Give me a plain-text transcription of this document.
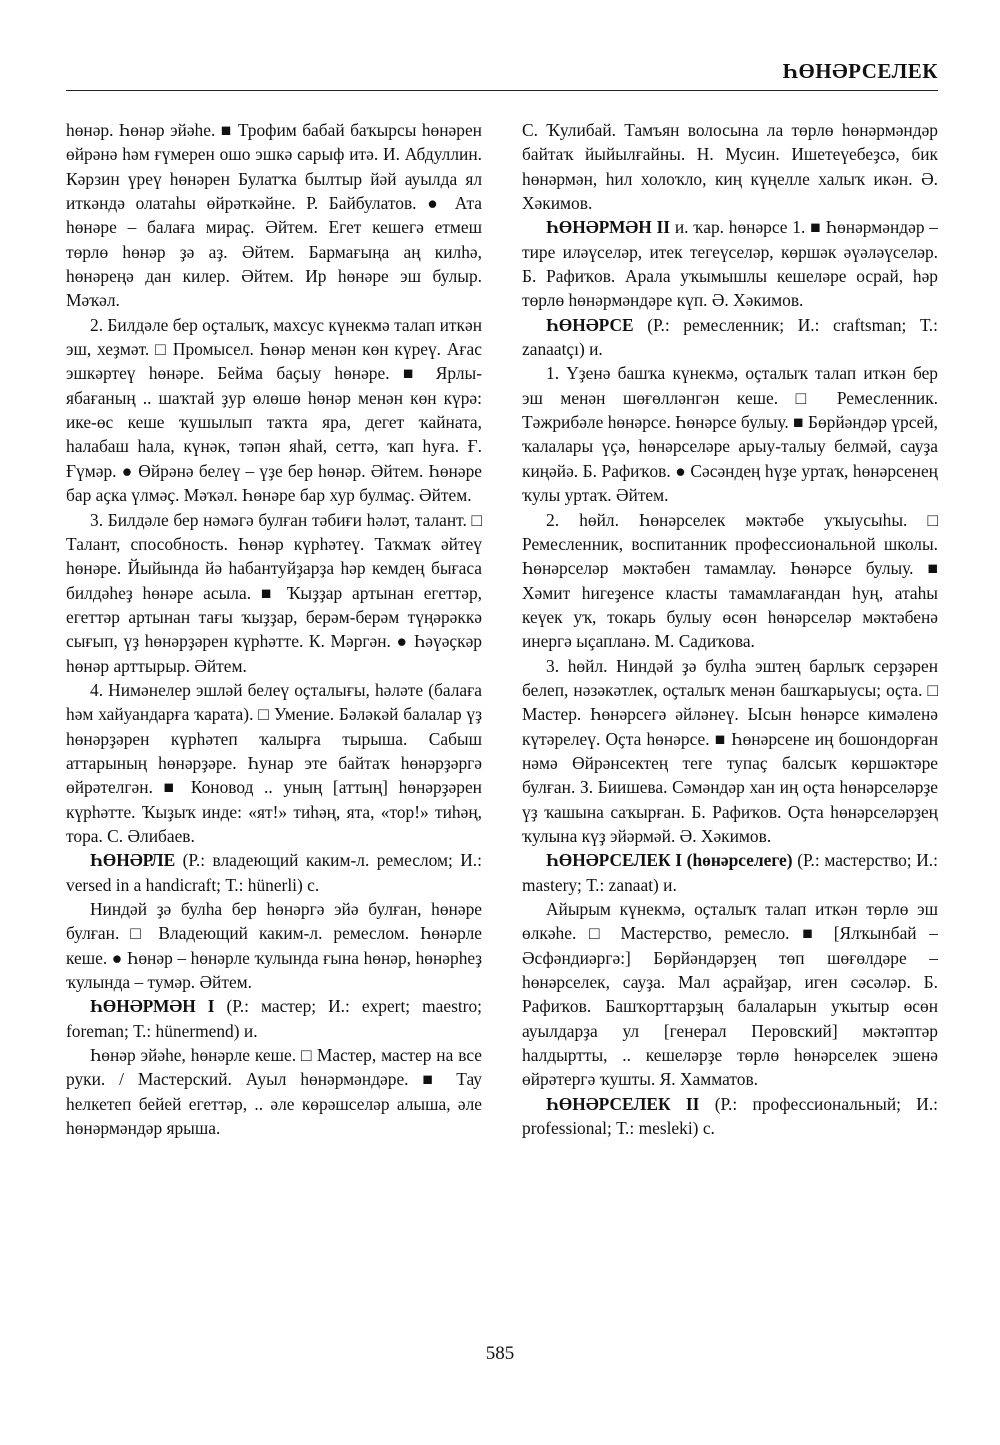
ҺӨНӘРСЕЛЕК

һөнәр. Һөнәр эйәһе. ■ Трофим бабай баҡырсы һөнәрен өйрәнә һәм ғүмерен ошо эшкә сарыф итә. И. Абдуллин. Кәрзин үреү һөнәрен Булатҡа былтыр йәй ауылда ял иткәндә олатаһы өйрәткәйне. Р. Байбулатов. ● Ата һөнәре – балаға мираҫ. Әйтем. Егет кешегә етмеш төрлө һөнәр ҙә аҙ. Әйтем. Бармағыңа аң килһә, һөнәреңә дан килер. Әйтем. Ир һөнәре эш булыр. Мәҡәл.

2. Билдәле бер оҫталыҡ, махсус күнекмә талап иткән эш, хеҙмәт. □ Промысел. Һөнәр менән көн күреү. Ағас эшкәртеү һөнәре. Бейма баҫыу һөнәре. ■ Ярлы-ябағаның .. шаҡтай ҙур өлөшө һөнәр менән көн күрә: ике-өс кеше ҡушылып таҡта яра, дегет ҡайната, һалабаш һала, күнәк, тәпән яһай, сеттә, ҡап һуға. Ғ. Ғүмәр. ● Өйрәнә белеү – үҙе бер һөнәр. Әйтем. Һөнәре бар аҫка үлмәҫ. Мәҡәл. Һөнәре бар хур булмаҫ. Әйтем.

3. Билдәле бер нәмәгә булған тәбиғи һәләт, талант. □ Талант, способность. Һөнәр күрһәтеү. Таҡмаҡ әйтеү һөнәре. Йыйында йә һабантуйҙарҙа һәр кемдең бығаса билдәһеҙ һөнәре асыла. ■ Ҡыҙҙар артынан егеттәр, егеттәр артынан тағы ҡыҙҙар, берәм-берәм түңәрәккә сығып, үҙ һөнәрҙәрен күрһәтте. К. Мәргән. ● Һәүәҫкәр һөнәр арттырыр. Әйтем.

4. Нимәнелер эшләй белеү оҫталығы, һәләте (балаға һәм хайуандарға ҡарата). □ Умение. Бәләкәй балалар үҙ һөнәрҙәрен күрһәтеп ҡалырға тырыша. Сабыш аттарының һөнәрҙәре. Һунар эте байтаҡ һөнәрҙәргә өйрәтелгән. ■ Коновод .. уның [аттың] һөнәрҙәрен күрһәтте. Ҡыҙыҡ инде: «ят!» тиһәң, ята, «тор!» тиһәң, тора. С. Әлибаев.

ҺӨНӘРЛЕ (Р.: владеющий каким-л. ремеслом; И.: versed in a handicraft; Т.: hünerli) с.

Ниндәй ҙә булһа бер һөнәргә эйә булған, һөнәре булған. □ Владеющий каким-л. ремеслом. Һөнәрле кеше. ● Һөнәр – һөнәрле ҡулында ғына һөнәр, һөнәрһеҙ ҡулында – тумәр. Әйтем.

ҺӨНӘРМӘН I (Р.: мастер; И.: expert; maestro; foreman; Т.: hünermend) и.

Һөнәр эйәһе, һөнәрле кеше. □ Мастер, мастер на все руки. / Мастерский. Ауыл һөнәрмәндәре. ■ Тау һелкетеп бейей егеттәр, .. әле көрәшселәр алыша, әле һөнәрмәндәр ярыша.

С. Ҡулибай. Тамъян волосына ла төрлө һөнәрмәндәр байтаҡ йыйылғайны. Н. Мусин. Ишетеүебеҙсә, бик һөнәрмән, һил холоҡло, киң күңелле халыҡ икән. Ә. Хәкимов.

ҺӨНӘРМӘН II и. ҡар. һөнәрсе 1. ■ Һөнәрмәндәр – тире иләүселәр, итек тегеүселәр, көршәк әүәләүселәр. Б. Рафиҡов. Арала уҡымышлы кешеләре осрай, һәр төрлө һөнәрмәндәре күп. Ә. Хәкимов.

ҺӨНӘРСЕ (Р.: ремесленник; И.: craftsman; Т.: zanaatçı) и.

1. Үҙенә башҡа күнекмә, оҫталыҡ талап иткән бер эш менән шөғөлләнгән кеше. □ Ремесленник. Тәжрибәле һөнәрсе. Һөнәрсе булыу. ■ Бөрйәндәр үрсей, ҡалалары үҫә, һөнәрселәре арыу-талыу белмәй, сауҙа киңәйә. Б. Рафиҡов. ● Сәсәндең һүҙе уртаҡ, һөнәрсенең ҡулы уртаҡ. Әйтем.

2. һөйл. Һөнәрселек мәктәбе уҡыусыһы. □ Ремесленник, воспитанник профессиональной школы. Һөнәрселәр мәктәбен тамамлау. Һөнәрсе булыу. ■ Хәмит һигеҙенсе класты тамамлағандан һуң, атаһы кеүек уҡ, токарь булыу өсөн һөнәрселәр мәктәбенә инергә ыҫапланә. М. Садиҡова.

3. һөйл. Ниндәй ҙә булһа эштең барлыҡ серҙәрен белеп, нәзәкәтлек, оҫталыҡ менән башҡарыусы; оҫта. □ Мастер. Һөнәрсегә әйләнеү. Ысын һөнәрсе кимәленә күтәрелеү. Оҫта һөнәрсе. ■ Һөнәрсене иң бошондорған нәмә Өйрәнсектең теге тупаҫ балсыҡ көршәктәре булған. З. Биишева. Сәмәндәр хан иң оҫта һөнәрселәрҙе үҙ ҡашына саҡырған. Б. Рафиҡов. Оҫта һөнәрселәрҙең ҡулына күҙ эйәрмәй. Ә. Хәкимов.

ҺӨНӘРСЕЛЕК I (һөнәрселеге) (Р.: мастерство; И.: mastery; Т.: zanaat) и.

Айырым күнекмә, оҫталыҡ талап иткән төрлө эш өлкәһе. □ Мастерство, ремесло. ■ [Ялҡынбай – Әсфәндиәргә:] Бөрйәндәрҙең төп шөғөлдәре – һөнәрселек, сауҙа. Мал аҫрайҙар, иген сәсәләр. Б. Рафиҡов. Башҡорттарҙың балаларын уҡытыр өсөн ауылдарҙа ул [генерал Перовский] мәктәптәр һалдыртты, .. кешеләрҙе төрлө һөнәрселек эшенә өйрәтергә ҡушты. Я. Хамматов.

ҺӨНӘРСЕЛЕК II (Р.: профессиональный; И.: professional; Т.: mesleki) с.

585
